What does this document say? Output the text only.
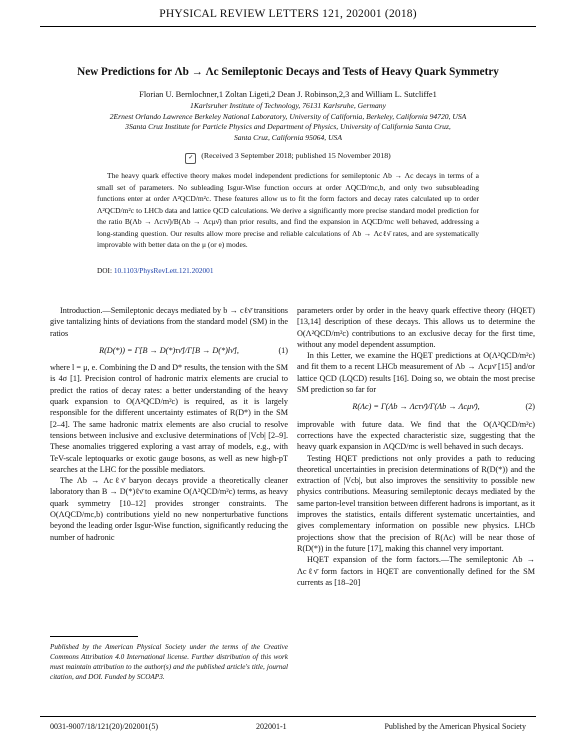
PHYSICAL REVIEW LETTERS 121, 202001 (2018)
New Predictions for Λb → Λc Semileptonic Decays and Tests of Heavy Quark Symmetry
Florian U. Bernlochner,1 Zoltan Ligeti,2 Dean J. Robinson,2,3 and William L. Sutcliffe1
1Karlsruher Institute of Technology, 76131 Karlsruhe, Germany
2Ernest Orlando Lawrence Berkeley National Laboratory, University of California, Berkeley, California 94720, USA
3Santa Cruz Institute for Particle Physics and Department of Physics, University of California Santa Cruz,
Santa Cruz, California 95064, USA
✓ (Received 3 September 2018; published 15 November 2018)
The heavy quark effective theory makes model independent predictions for semileptonic Λb → Λc decays in terms of a small set of parameters. No subleading Isgur-Wise function occurs at order ΛQCD/mc,b, and only two subsubleading functions enter at order Λ²QCD/m²c. These features allow us to fit the form factors and decay rates calculated up to order Λ²QCD/m²c to LHCb data and lattice QCD calculations. We derive a significantly more precise standard model prediction for the ratio B(Λb → Λcτν̄)/B(Λb → Λcμν̄) than prior results, and find the expansion in ΛQCD/mc well behaved, addressing a long-standing question. Our results allow more precise and reliable calculations of Λb → Λcℓν̄ rates, and are systematically improvable with better data on the μ (or e) modes.
DOI: 10.1103/PhysRevLett.121.202001

Introduction.—Semileptonic decays mediated by b → cℓν̄ transitions give tantalizing hints of deviations from the standard model (SM) in the ratios

R(D(*)) = Γ[B → D(*)τν̄]/Γ[B → D(*)lν̄],	(1)

where l = μ, e. Combining the D and D* results, the tension with the SM is 4σ [1]. Precision control of hadronic matrix elements are crucial to predict the ratios of decay rates: a better understanding of the heavy quark expansion to O(Λ²QCD/m²c) is required, as it is largely responsible for the different uncertainty estimates of R(D*) in the SM [2–4]. The same hadronic matrix elements are also crucial to resolve tensions between inclusive and exclusive determinations of |Vcb| [2–9]. These anomalies triggered exploring a vast array of models, e.g., with TeV-scale leptoquarks or exotic gauge bosons, as well as new high-pT searches at the LHC for the possible mediators.

The Λb → Λcℓν̄ baryon decays provide a theoretically cleaner laboratory than B → D(*)ℓν̄ to examine O(Λ²QCD/m²c) terms, as heavy quark symmetry [10–12] provides stronger constraints. The O(ΛQCD/mc,b) contributions yield no new nonperturbative functions beyond the leading order Isgur-Wise function, significantly reducing the number of hadronic

Published by the American Physical Society under the terms of the Creative Commons Attribution 4.0 International license. Further distribution of this work must maintain attribution to the author(s) and the published article's title, journal citation, and DOI. Funded by SCOAP3.

parameters order by order in the heavy quark effective theory (HQET) [13,14] description of these decays. This allows us to determine the O(Λ²QCD/m²c) contributions to an exclusive decay for the first time, without any model dependent assumption.

In this Letter, we examine the HQET predictions at O(Λ²QCD/m²c) and fit them to a recent LHCb measurement of Λb → Λcμν̄ [15] and/or lattice QCD (LQCD) results [16]. Doing so, we obtain the most precise SM prediction so far for

R(Λc) = Γ(Λb → Λcτν̄)/Γ(Λb → Λcμν̄),	(2)

improvable with future data. We find that the O(Λ²QCD/m²c) corrections have the expected characteristic size, suggesting that the heavy quark expansion in ΛQCD/mc is well behaved in such decays.

Testing HQET predictions not only provides a path to reducing theoretical uncertainties in precision determinations of R(D(*)) and the extraction of |Vcb|, but also improves the sensitivity to possible new physics contributions. Measuring semileptonic decays mediated by the same parton-level transition between different hadrons is important, as it improves the statistics, entails different systematic uncertainties, and gives complementary information on possible new physics. LHCb projections show that the precision of R(Λc) will be near those of R(D(*)) in the future [17], making this channel very important.

HQET expansion of the form factors.—The semileptonic Λb → Λcℓν̄ form factors in HQET are conventionally defined for the SM currents as [18–20]

0031-9007/18/121(20)/202001(5)	202001-1	Published by the American Physical Society
